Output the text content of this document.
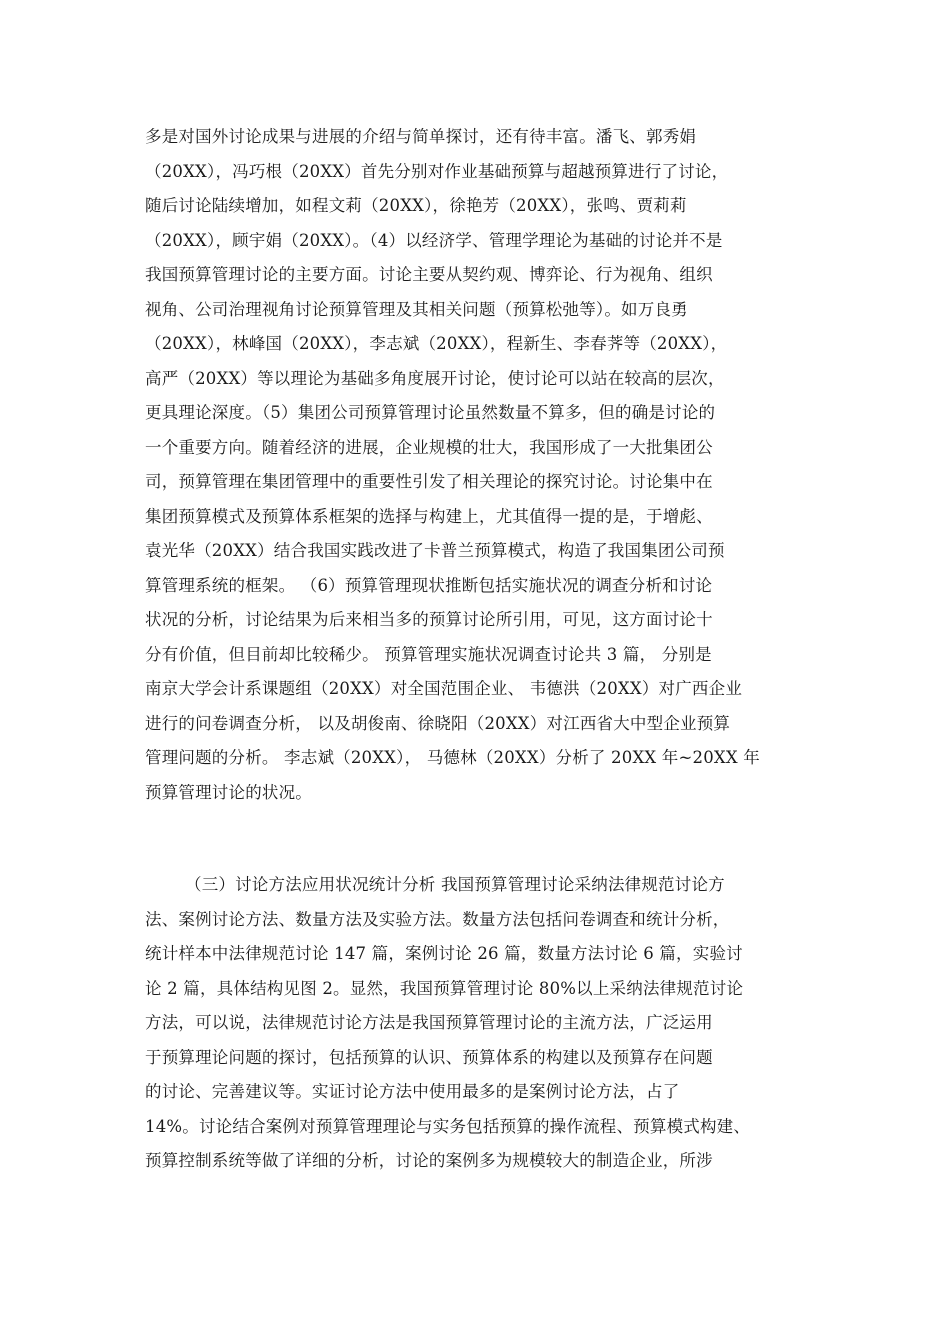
多是对国外讨论成果与进展的介绍与简单探讨，还有待丰富。潘飞、郭秀娟
（20XX），冯巧根（20XX）首先分别对作业基础预算与超越预算进行了讨论，
随后讨论陆续增加，如程文莉（20XX），徐艳芳（20XX），张鸣、贾莉莉
（20XX），顾宇娟（20XX）。（4）以经济学、管理学理论为基础的讨论并不是
我国预算管理讨论的主要方面。讨论主要从契约观、博弈论、行为视角、组织
视角、公司治理视角讨论预算管理及其相关问题（预算松弛等）。如万良勇
（20XX），林峰国（20XX），李志斌（20XX），程新生、李春荠等（20XX），
高严（20XX）等以理论为基础多角度展开讨论，使讨论可以站在较高的层次，
更具理论深度。（5）集团公司预算管理讨论虽然数量不算多，但的确是讨论的
一个重要方向。随着经济的进展，企业规模的壮大，我国形成了一大批集团公
司，预算管理在集团管理中的重要性引发了相关理论的探究讨论。讨论集中在
集团预算模式及预算体系框架的选择与构建上，尤其值得一提的是，于增彪、
袁光华（20XX）结合我国实践改进了卡普兰预算模式，构造了我国集团公司预
算管理系统的框架。 （6）预算管理现状推断包括实施状况的调查分析和讨论
状况的分析，讨论结果为后来相当多的预算讨论所引用，可见，这方面讨论十
分有价值，但目前却比较稀少。 预算管理实施状况调查讨论共 3 篇， 分别是
南京大学会计系课题组（20XX）对全国范围企业、 韦德洪（20XX）对广西企业
进行的问卷调查分析， 以及胡俊南、徐晓阳（20XX）对江西省大中型企业预算
管理问题的分析。 李志斌（20XX）， 马德林（20XX）分析了 20XX 年~20XX 年
预算管理讨论的状况。
（三）讨论方法应用状况统计分析 我国预算管理讨论采纳法律规范讨论方
法、案例讨论方法、数量方法及实验方法。数量方法包括问卷调查和统计分析，
统计样本中法律规范讨论 147 篇，案例讨论 26 篇，数量方法讨论 6 篇，实验讨
论 2 篇，具体结构见图 2。显然，我国预算管理讨论 80%以上采纳法律规范讨论
方法，可以说，法律规范讨论方法是我国预算管理讨论的主流方法，广泛运用
于预算理论问题的探讨，包括预算的认识、预算体系的构建以及预算存在问题
的讨论、完善建议等。实证讨论方法中使用最多的是案例讨论方法，占了
14%。讨论结合案例对预算管理理论与实务包括预算的操作流程、预算模式构建、
预算控制系统等做了详细的分析，讨论的案例多为规模较大的制造企业，所涉
